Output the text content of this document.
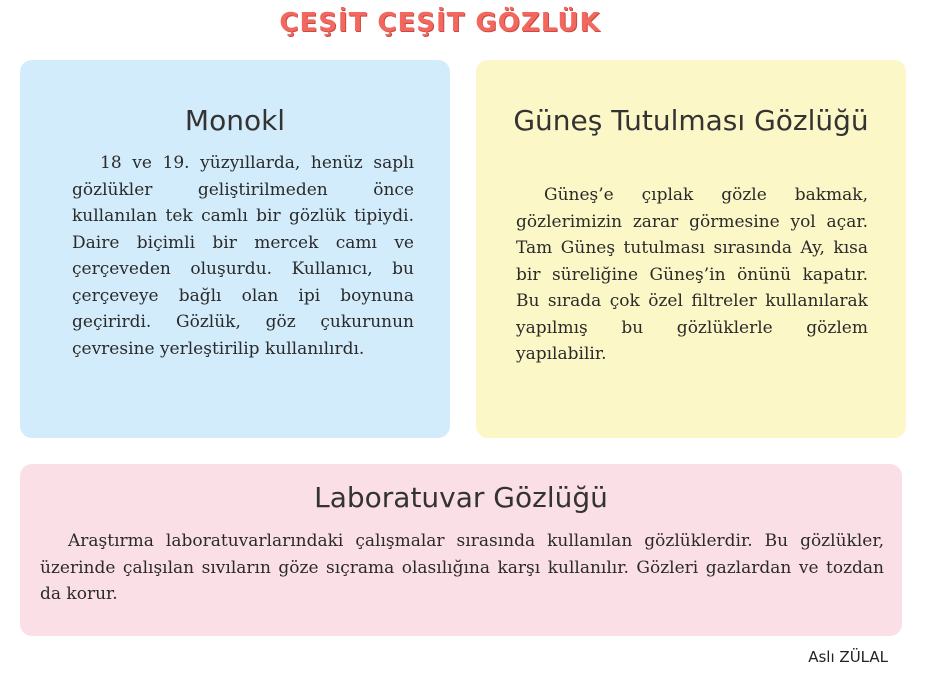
ÇEŞİT ÇEŞİT GÖZLÜK
Monokl
18 ve 19. yüzyıllarda, henüz saplı gözlükler geliştirilmeden önce kullanılan tek camlı bir gözlük tipiydi. Daire biçimli bir mercek camı ve çerçeveden oluşurdu. Kullanıcı, bu çerçeveye bağlı olan ipi boynuna geçirirdi. Gözlük, göz çukurunun çevresine yerleştirilip kullanılırdı.
Güneş Tutulması Gözlüğü
Güneş’e çıplak gözle bakmak, gözlerimizin zarar görmesine yol açar. Tam Güneş tutulması sırasında Ay, kısa bir süreliğine Güneş’in önünü kapatır. Bu sırada çok özel filtreler kullanılarak yapılmış bu gözlüklerle gözlem yapılabilir.
Laboratuvar Gözlüğü
Araştırma laboratuvarlarındaki çalışmalar sırasında kullanılan gözlüklerdir. Bu gözlükler, üzerinde çalışılan sıvıların göze sıçrama olasılığına karşı kullanılır. Gözleri gazlardan ve tozdan da korur.
Aslı ZÜLAL
